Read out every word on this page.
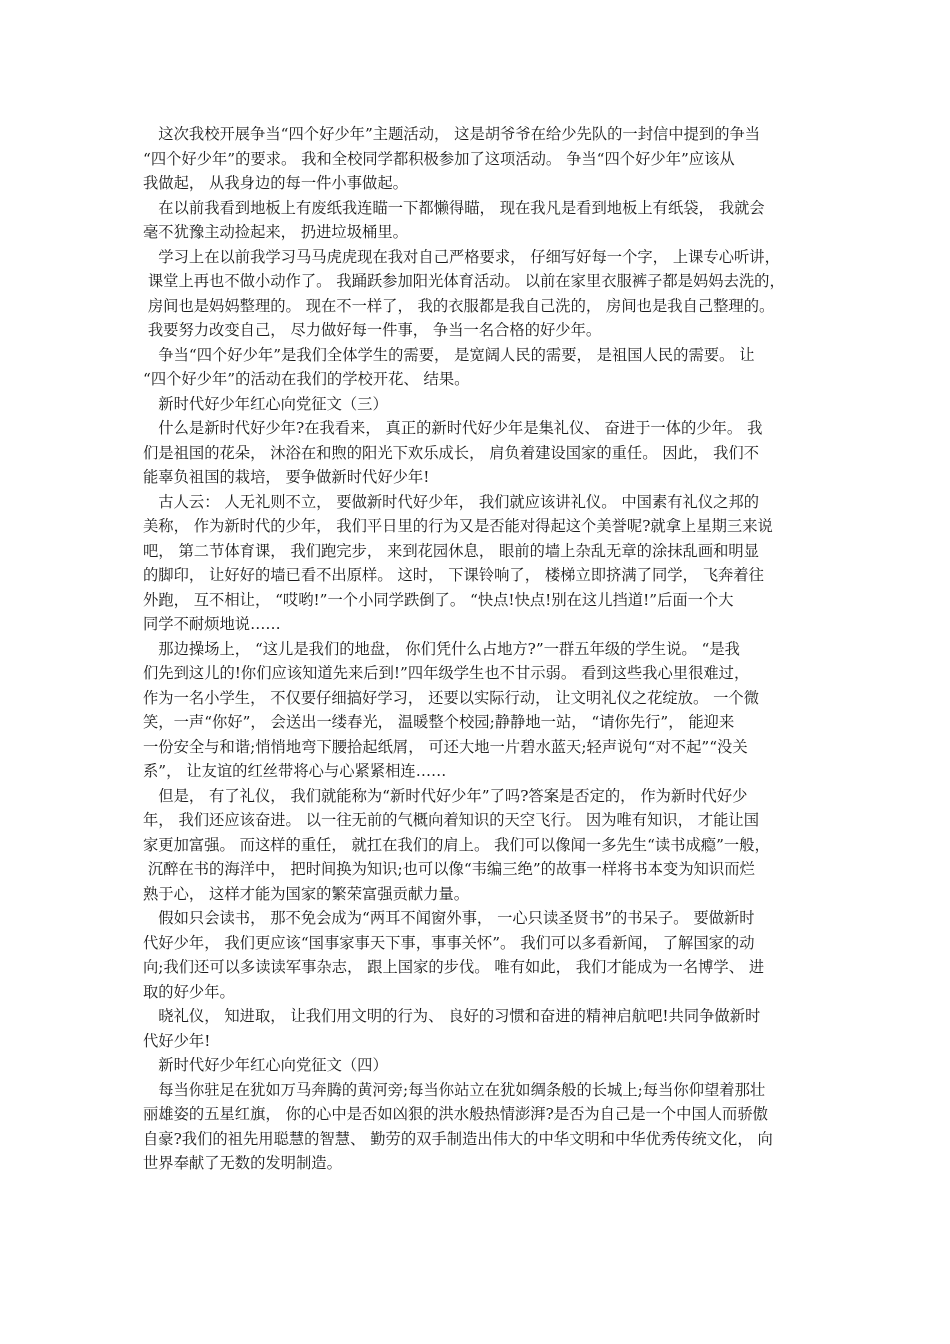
　这次我校开展争当“四个好少年”主题活动， 这是胡爷爷在给少先队的一封信中提到的争当
“四个好少年”的要求。 我和全校同学都积极参加了这项活动。 争当“四个好少年”应该从
我做起， 从我身边的每一件小事做起。
　在以前我看到地板上有废纸我连瞄一下都懒得瞄， 现在我凡是看到地板上有纸袋， 我就会
毫不犹豫主动捡起来， 扔进垃圾桶里。
　学习上在以前我学习马马虎虎现在我对自己严格要求， 仔细写好每一个字， 上课专心听讲，
课堂上再也不做小动作了。 我踊跃参加阳光体育活动。 以前在家里衣服裤子都是妈妈去洗的，
房间也是妈妈整理的。 现在不一样了， 我的衣服都是我自己洗的， 房间也是我自己整理的。
我要努力改变自己， 尽力做好每一件事， 争当一名合格的好少年。
　争当“四个好少年”是我们全体学生的需要， 是宽阔人民的需要， 是祖国人民的需要。 让
“四个好少年”的活动在我们的学校开花、 结果。
　新时代好少年红心向党征文（三）
　什么是新时代好少年?在我看来， 真正的新时代好少年是集礼仪、 奋进于一体的少年。 我
们是祖国的花朵， 沐浴在和煦的阳光下欢乐成长， 肩负着建设国家的重任。 因此， 我们不
能辜负祖国的栽培， 要争做新时代好少年!
　古人云： 人无礼则不立， 要做新时代好少年， 我们就应该讲礼仪。 中国素有礼仪之邦的
美称， 作为新时代的少年， 我们平日里的行为又是否能对得起这个美誉呢?就拿上星期三来说
吧， 第二节体育课， 我们跑完步， 来到花园休息， 眼前的墙上杂乱无章的涂抹乱画和明显
的脚印， 让好好的墙已看不出原样。 这时， 下课铃响了， 楼梯立即挤满了同学， 飞奔着往
外跑， 互不相让， “哎哟!”一个小同学跌倒了。 “快点!快点!别在这儿挡道!”后面一个大
同学不耐烦地说……
　那边操场上， “这儿是我们的地盘， 你们凭什么占地方?”一群五年级的学生说。 “是我
们先到这儿的!你们应该知道先来后到!”四年级学生也不甘示弱。 看到这些我心里很难过，
作为一名小学生， 不仅要仔细搞好学习， 还要以实际行动， 让文明礼仪之花绽放。 一个微
笑，一声“你好”， 会送出一缕春光， 温暖整个校园;静静地一站， “请你先行”， 能迎来
一份安全与和谐;悄悄地弯下腰拾起纸屑， 可还大地一片碧水蓝天;轻声说句“对不起”“没关
系”， 让友谊的红丝带将心与心紧紧相连……
　但是， 有了礼仪， 我们就能称为“新时代好少年”了吗?答案是否定的， 作为新时代好少
年， 我们还应该奋进。 以一往无前的气概向着知识的天空飞行。 因为唯有知识， 才能让国
家更加富强。 而这样的重任， 就扛在我们的肩上。 我们可以像闻一多先生“读书成瘾”一般，
沉醉在书的海洋中， 把时间换为知识;也可以像“韦编三绝”的故事一样将书本变为知识而烂
熟于心， 这样才能为国家的繁荣富强贡献力量。
　假如只会读书， 那不免会成为“两耳不闻窗外事， 一心只读圣贤书”的书呆子。 要做新时
代好少年， 我们更应该“国事家事天下事，事事关怀”。 我们可以多看新闻， 了解国家的动
向;我们还可以多读读军事杂志， 跟上国家的步伐。 唯有如此， 我们才能成为一名博学、 进
取的好少年。
　晓礼仪， 知进取， 让我们用文明的行为、 良好的习惯和奋进的精神启航吧!共同争做新时
代好少年!
　新时代好少年红心向党征文（四）
　每当你驻足在犹如万马奔腾的黄河旁;每当你站立在犹如绸条般的长城上;每当你仰望着那壮
丽雄姿的五星红旗， 你的心中是否如凶狠的洪水般热情澎湃?是否为自己是一个中国人而骄傲
自豪?我们的祖先用聪慧的智慧、 勤劳的双手制造出伟大的中华文明和中华优秀传统文化， 向
世界奉献了无数的发明制造。
